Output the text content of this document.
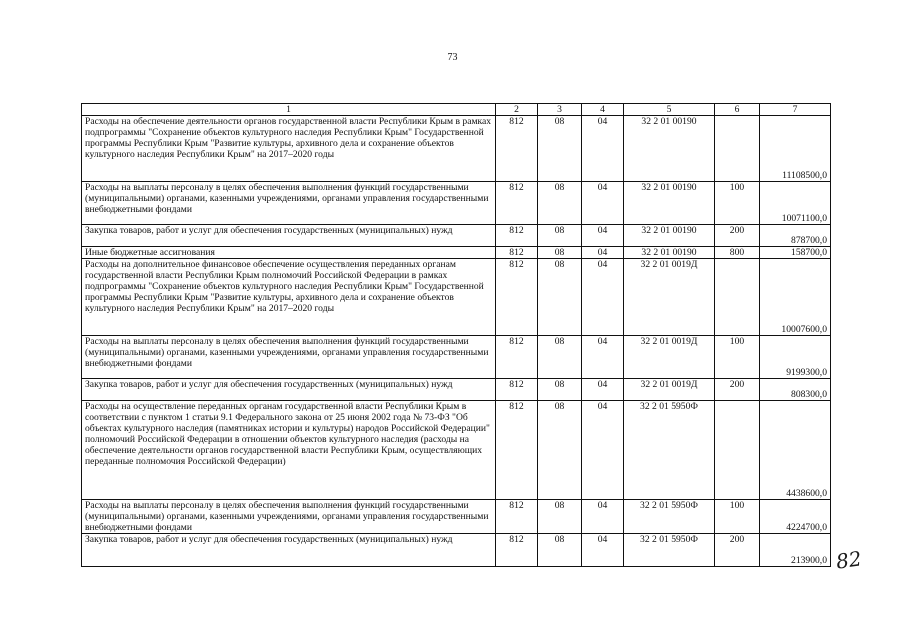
73
1	2	3	4	5	6	7
Расходы на обеспечение деятельности органов государственной власти Республики Крым в рамках подпрограммы "Сохранение объектов культурного наследия Республики Крым" Государственной программы Республики Крым "Развитие культуры, архивного дела и сохранение объектов культурного наследия Республики Крым" на 2017–2020 годы	812	08	04	32 2 01 00190		11108500,0
Расходы на выплаты персоналу в целях обеспечения выполнения функций государственными (муниципальными) органами, казенными учреждениями, органами управления государственными внебюджетными фондами	812	08	04	32 2 01 00190	100	10071100,0
Закупка товаров, работ и услуг для обеспечения государственных (муниципальных) нужд	812	08	04	32 2 01 00190	200	878700,0
Иные бюджетные ассигнования	812	08	04	32 2 01 00190	800	158700,0
Расходы на дополнительное финансовое обеспечение осуществления переданных органам государственной власти Республики Крым полномочий Российской Федерации в рамках подпрограммы "Сохранение объектов культурного наследия Республики Крым" Государственной программы Республики Крым "Развитие культуры, архивного дела и сохранение объектов культурного наследия Республики Крым" на 2017–2020 годы	812	08	04	32 2 01 0019Д		10007600,0
Расходы на выплаты персоналу в целях обеспечения выполнения функций государственными (муниципальными) органами, казенными учреждениями, органами управления государственными внебюджетными фондами	812	08	04	32 2 01 0019Д	100	9199300,0
Закупка товаров, работ и услуг для обеспечения государственных (муниципальных) нужд	812	08	04	32 2 01 0019Д	200	808300,0
Расходы на осуществление переданных органам государственной власти Республики Крым в соответствии с пунктом 1 статьи 9.1 Федерального закона от 25 июня 2002 года № 73-ФЗ "Об объектах культурного наследия (памятниках истории и культуры) народов Российской Федерации" полномочий Российской Федерации в отношении объектов культурного наследия (расходы на обеспечение деятельности органов государственной власти Республики Крым, осуществляющих переданные полномочия Российской Федерации)	812	08	04	32 2 01 5950Ф		4438600,0
Расходы на выплаты персоналу в целях обеспечения выполнения функций государственными (муниципальными) органами, казенными учреждениями, органами управления государственными внебюджетными фондами	812	08	04	32 2 01 5950Ф	100	4224700,0
Закупка товаров, работ и услуг для обеспечения государственных (муниципальных) нужд	812	08	04	32 2 01 5950Ф	200	213900,0 82
